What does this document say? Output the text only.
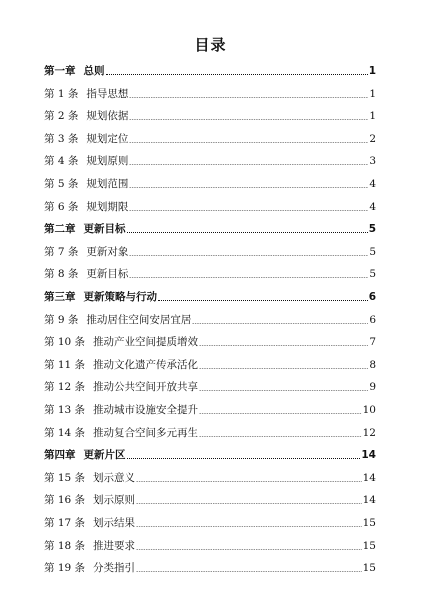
目录
第一章 总则	1
第 1 条 指导思想	1
第 2 条 规划依据	1
第 3 条 规划定位	2
第 4 条 规划原则	3
第 5 条 规划范围	4
第 6 条 规划期限	4
第二章 更新目标	5
第 7 条 更新对象	5
第 8 条 更新目标	5
第三章 更新策略与行动	6
第 9 条 推动居住空间安居宜居	6
第 10 条 推动产业空间提质增效	7
第 11 条 推动文化遗产传承活化	8
第 12 条 推动公共空间开放共享	9
第 13 条 推动城市设施安全提升	10
第 14 条 推动复合空间多元再生	12
第四章 更新片区	14
第 15 条 划示意义	14
第 16 条 划示原则	14
第 17 条 划示结果	15
第 18 条 推进要求	15
第 19 条 分类指引	15
